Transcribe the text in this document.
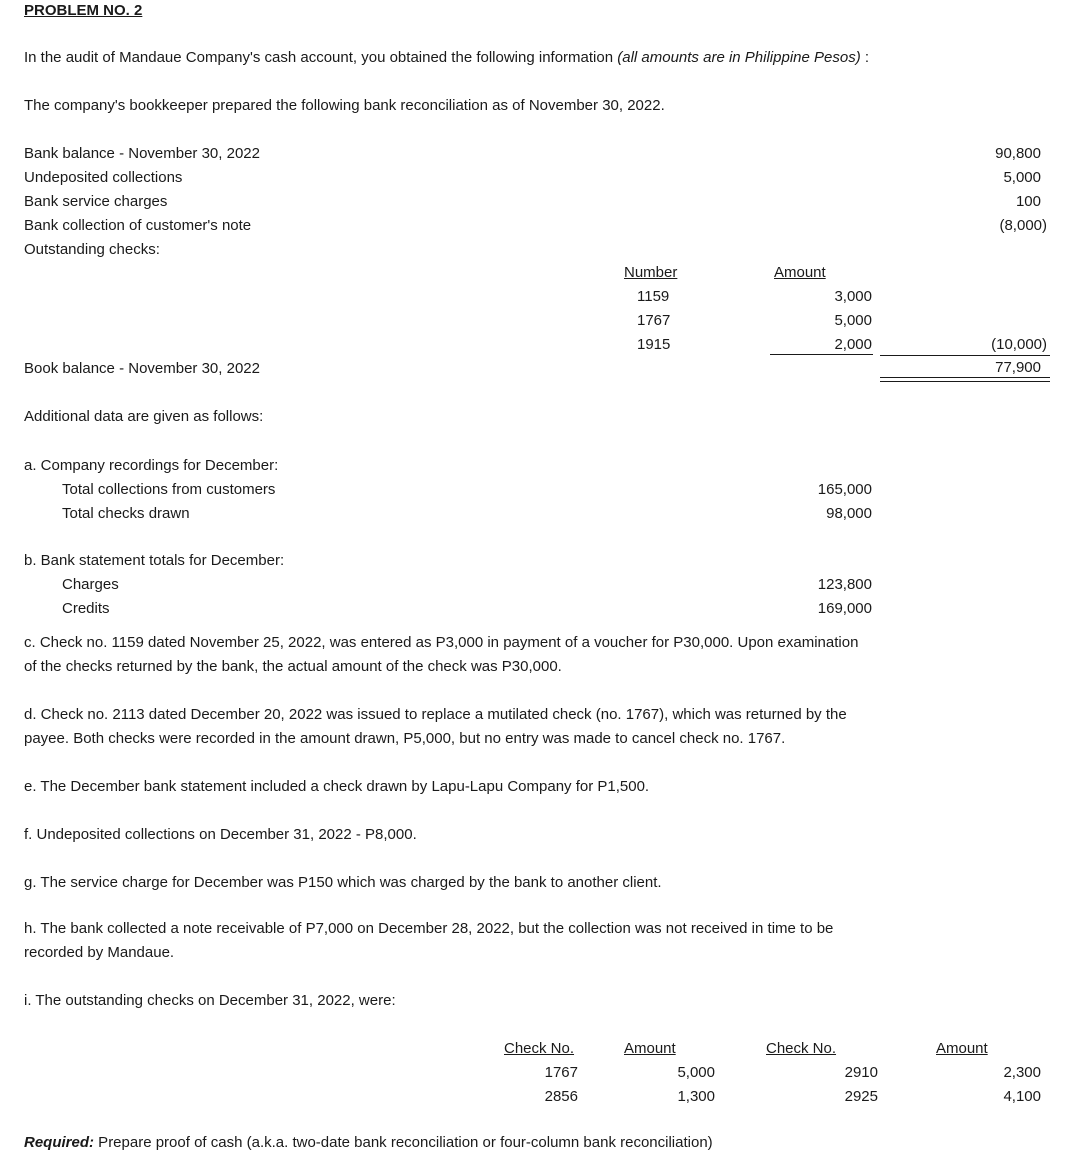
PROBLEM NO. 2
In the audit of Mandaue Company's cash account, you obtained the following information (all amounts are in Philippine Pesos) :
The company's bookkeeper prepared the following bank reconciliation as of November 30, 2022.
Bank balance - November 30, 2022	90,800
Undeposited collections	5,000
Bank service charges	100
Bank collection of customer's note	(8,000)
Outstanding checks:
Number	Amount
1159	3,000
1767	5,000
1915	2,000	(10,000)
Book balance - November 30, 2022	77,900
Additional data are given as follows:
a. Company recordings for December:
Total collections from customers	165,000
Total checks drawn	98,000
b. Bank statement totals for December:
Charges	123,800
Credits	169,000
c. Check no. 1159 dated November 25, 2022, was entered as P3,000 in payment of a voucher for P30,000. Upon examination
of the checks returned by the bank, the actual amount of the check was P30,000.
d. Check no. 2113 dated December 20, 2022 was issued to replace a mutilated check (no. 1767), which was returned by the
payee. Both checks were recorded in the amount drawn, P5,000, but no entry was made to cancel check no. 1767.
e. The December bank statement included a check drawn by Lapu-Lapu Company for P1,500.
f. Undeposited collections on December 31, 2022 - P8,000.
g. The service charge for December was P150 which was charged by the bank to another client.
h. The bank collected a note receivable of P7,000 on December 28, 2022, but the collection was not received in time to be
recorded by Mandaue.
i. The outstanding checks on December 31, 2022, were:
Check No.	Amount	Check No.	Amount
1767	5,000	2910	2,300
2856	1,300	2925	4,100
Required: Prepare proof of cash (a.k.a. two-date bank reconciliation or four-column bank reconciliation)
